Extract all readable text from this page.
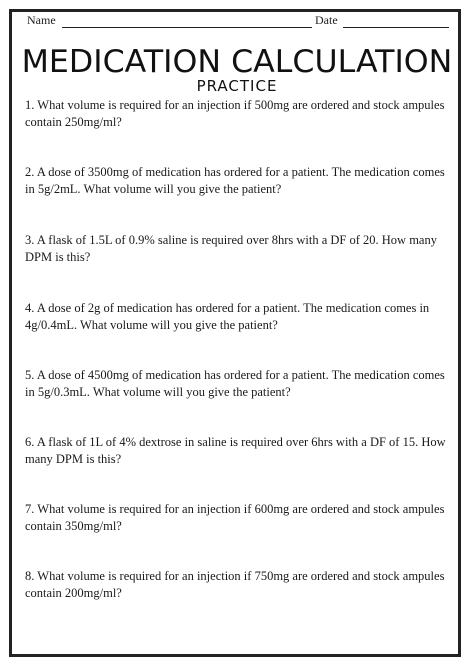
Name	Date
MEDICATION CALCULATION
PRACTICE
1. What volume is required for an injection if 500mg are ordered and stock ampules contain 250mg/ml?
2. A dose of 3500mg of medication has ordered for a patient. The medication comes in 5g/2mL. What volume will you give the patient?
3. A flask of 1.5L of 0.9% saline is required over 8hrs with a DF of 20. How many DPM is this?
4. A dose of 2g of medication has ordered for a patient. The medication comes in 4g/0.4mL. What volume will you give the patient?
5. A dose of 4500mg of medication has ordered for a patient. The medication comes in 5g/0.3mL. What volume will you give the patient?
6. A flask of 1L of 4% dextrose in saline is required over 6hrs with a DF of 15. How many DPM is this?
7. What volume is required for an injection if 600mg are ordered and stock ampules contain 350mg/ml?
8. What volume is required for an injection if 750mg are ordered and stock ampules contain 200mg/ml?
